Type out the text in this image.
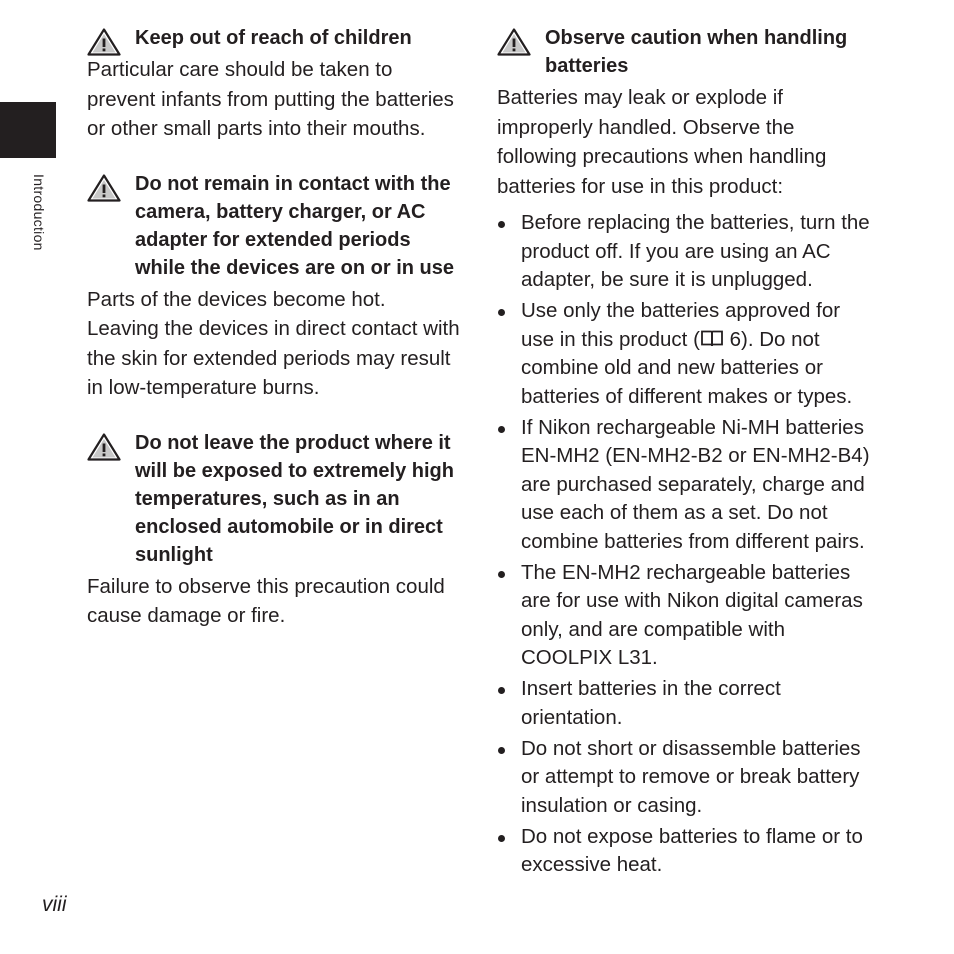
Introduction

Keep out of reach of children

Particular care should be taken to prevent infants from putting the batteries or other small parts into their mouths.

Do not remain in contact with the camera, battery charger, or AC adapter for extended periods while the devices are on or in use

Parts of the devices become hot. Leaving the devices in direct contact with the skin for extended periods may result in low-temperature burns.

Do not leave the product where it will be exposed to extremely high temperatures, such as in an enclosed automobile or in direct sunlight

Failure to observe this precaution could cause damage or fire.

Observe caution when handling batteries

Batteries may leak or explode if improperly handled. Observe the following precautions when handling batteries for use in this product:

Before replacing the batteries, turn the product off. If you are using an AC adapter, be sure it is unplugged.
Use only the batteries approved for use in this product ( 6). Do not combine old and new batteries or batteries of different makes or types.
If Nikon rechargeable Ni-MH batteries EN-MH2 (EN-MH2-B2 or EN-MH2-B4) are purchased separately, charge and use each of them as a set. Do not combine batteries from different pairs.
The EN-MH2 rechargeable batteries are for use with Nikon digital cameras only, and are compatible with COOLPIX L31.
Insert batteries in the correct orientation.
Do not short or disassemble batteries or attempt to remove or break battery insulation or casing.
Do not expose batteries to flame or to excessive heat.
viii
